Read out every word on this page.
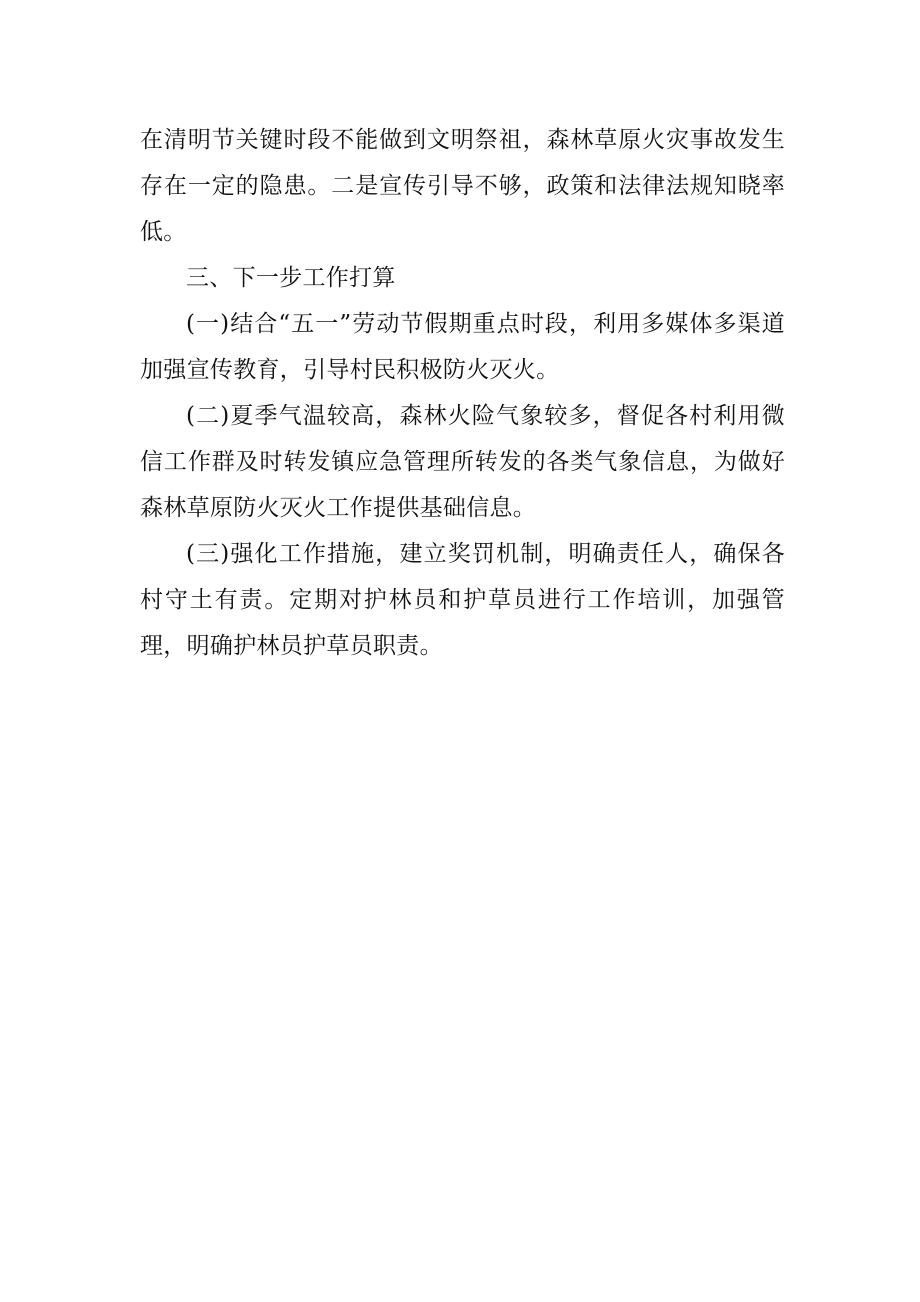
在清明节关键时段不能做到文明祭祖，森林草原火灾事故发生存在一定的隐患。二是宣传引导不够，政策和法律法规知晓率低。

三、下一步工作打算

(一)结合“五一”劳动节假期重点时段，利用多媒体多渠道加强宣传教育，引导村民积极防火灭火。

(二)夏季气温较高，森林火险气象较多，督促各村利用微信工作群及时转发镇应急管理所转发的各类气象信息，为做好森林草原防火灭火工作提供基础信息。

(三)强化工作措施，建立奖罚机制，明确责任人，确保各村守土有责。定期对护林员和护草员进行工作培训，加强管理，明确护林员护草员职责。
